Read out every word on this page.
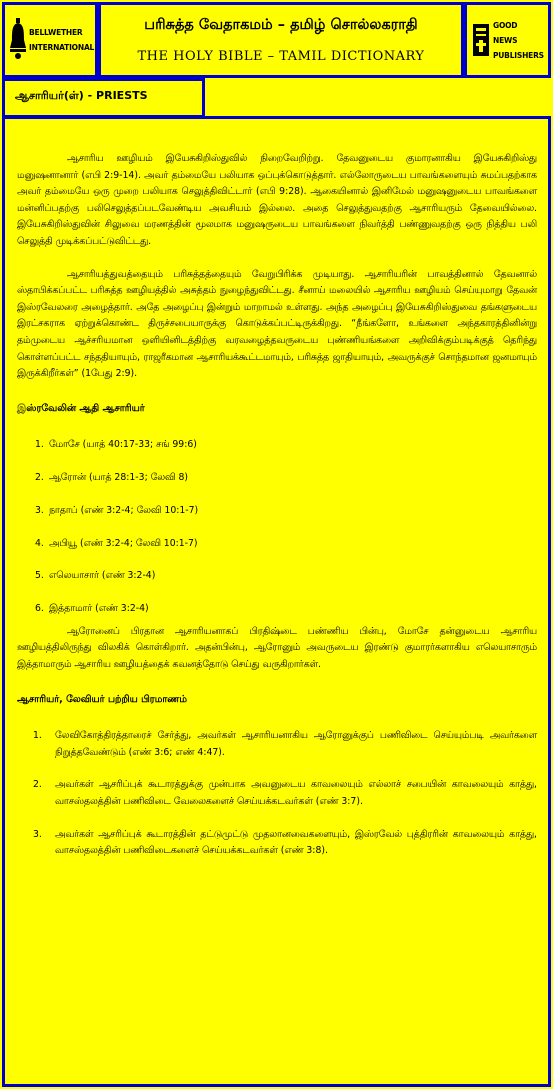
BELLWETHER
INTERNATIONAL
பரிசுத்த வேதாகமம் – தமிழ் சொல்லகராதி
THE HOLY BIBLE – TAMIL DICTIONARY
GOOD NEWS
PUBLISHERS
ஆசாரியர்(ள்) - PRIESTS

ஆசாரிய ஊழியம் இயேசுகிறிஸ்துவில் நிறைவேறிற்று. தேவனுடைய குமாரனாகிய இயேசுகிறிஸ்து மனுஷனானார் (எபி 2:9-14). அவர் தம்மையே பலியாக ஒப்புக்கொடுத்தார். எல்லோருடைய பாவங்களையும் சுமப்பதற்காக அவர் தம்மையே ஒரு முறை பலியாக செலுத்திவிட்டார் (எபி 9:28). ஆகையினால் இனிமேல் மனுஷனுடைய பாவங்களை மன்னிப்பதற்கு பலிசெலுத்தப்படவேண்டிய அவசியம் இல்லை. அதை செலுத்துவதற்கு ஆசாரியரும் தேவையில்லை. இயேசுகிறிஸ்துவின் சிலுவை மரணத்தின் மூலமாக மனுஷருடைய பாவங்களை நிவர்த்தி பண்ணுவதற்கு ஒரு நித்திய பலி செலுத்தி முடிக்கப்பட்டுவிட்டது.

ஆசாரியத்துவத்தையும் பரிசுத்தத்தையும் வேறுபிரிக்க முடியாது. ஆசாரியரின் பாவத்தினால் தேவனால் ஸ்தாபிக்கப்பட்ட பரிசுத்த ஊழியத்தில் அசுத்தம் நுழைந்துவிட்டது. சீனாய் மலையில் ஆசாரிய ஊழியம் செய்யுமாறு தேவன் இஸ்ரவேலரை அழைத்தார். அதே அழைப்பு இன்றும் மாறாமல் உள்ளது. அந்த அழைப்பு இயேசுகிறிஸ்துவை தங்களுடைய இரட்சகராக ஏற்றுக்கொண்ட திருச்சபையாருக்கு கொடுக்கப்பட்டிருக்கிறது. “நீங்களோ, உங்களை அந்தகாரத்தினின்று தம்முடைய ஆச்சரியமான ஒளியினிடத்திற்கு வரவழைத்தவருடைய புண்ணியங்களை அறிவிக்கும்படிக்குத் தெரிந்து கொள்ளப்பட்ட சந்ததியாயும், ராஜரீகமான ஆசாரியக்கூட்டமாயும், பரிசுத்த ஜாதியாயும், அவருக்குச் சொந்தமான ஜனமாயும் இருக்கிறீர்கள்” (1பேது 2:9).

இஸ்ரவேலின் ஆதி ஆசாரியர்
1. மோசே (யாத் 40:17-33; சங் 99:6)
2. ஆரோன் (யாத் 28:1-3; லேவி 8)
3. நாதாப் (எண் 3:2-4; லேவி 10:1-7)
4. அபியூ (எண் 3:2-4; லேவி 10:1-7)
5. எலெயாசார் (எண் 3:2-4)
6. இத்தாமார் (எண் 3:2-4)

ஆரோனைப் பிரதான ஆசாரியனாகப் பிரதிஷ்டை பண்ணிய பின்பு, மோசே தன்னுடைய ஆசாரிய ஊழியத்திலிருந்து விலகிக் கொள்கிறார். அதன்பின்பு, ஆரோனும் அவருடைய இரண்டு குமாரர்களாகிய எலெயாசாரும் இத்தாமாரும் ஆசாரிய ஊழியத்தைக் கவனத்தோடு செய்து வருகிறார்கள்.

ஆசாரியர், லேவியர் பற்றிய பிரமாணம்
1.	லேவிகோத்திரத்தாரைச் சேர்த்து, அவர்கள் ஆசாரியனாகிய ஆரோனுக்குப் பணிவிடை செய்யும்படி அவர்களை நிறுத்தவேண்டும் (எண் 3:6; எண் 4:47).
2.	அவர்கள் ஆசரிப்புக் கூடாரத்துக்கு முன்பாக அவனுடைய காவலையும் எல்லாச் சபையின் காவலையும் காத்து, வாசஸ்தலத்தின் பணிவிடை வேலைகளைச் செய்யக்கடவர்கள் (எண் 3:7).
3.	அவர்கள் ஆசரிப்புக் கூடாரத்தின் தட்டுமுட்டு முதலானவைகளையும், இஸ்ரவேல் புத்திரரின் காவலையும் காத்து, வாசஸ்தலத்தின் பணிவிடைகளைச் செய்யக்கடவர்கள் (எண் 3:8).
